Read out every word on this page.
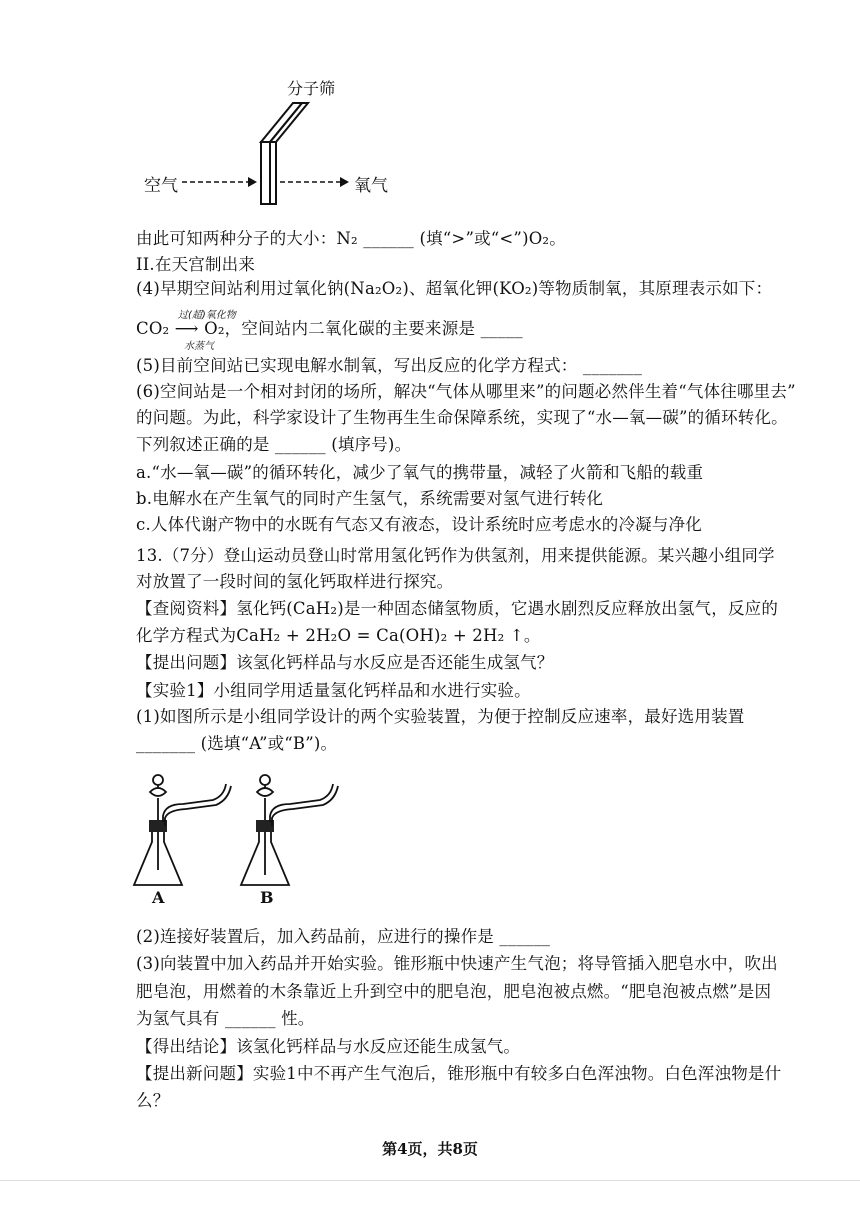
分子筛
空气	氧气
由此可知两种分子的大小：N₂ ______ (填“>”或“<”)O₂。
II.在天宫制出来
(4)早期空间站利用过氧化钠(Na₂O₂)、超氧化钾(KO₂)等物质制氧，其原理表示如下：
CO₂ ⟶ O₂，空间站内二氧化碳的主要来源是 _____
过(超)氧化物
水蒸气
(5)目前空间站已实现电解水制氧，写出反应的化学方程式： _______
(6)空间站是一个相对封闭的场所，解决“气体从哪里来”的问题必然伴生着“气体往哪里去”
的问题。为此，科学家设计了生物再生生命保障系统，实现了“水—氧—碳”的循环转化。
下列叙述正确的是 ______ (填序号)。
a.“水—氧—碳”的循环转化，减少了氧气的携带量，减轻了火箭和飞船的载重
b.电解水在产生氧气的同时产生氢气，系统需要对氢气进行转化
c.人体代谢产物中的水既有气态又有液态，设计系统时应考虑水的冷凝与净化
13.（7分）登山运动员登山时常用氢化钙作为供氢剂，用来提供能源。某兴趣小组同学
对放置了一段时间的氢化钙取样进行探究。
【查阅资料】氢化钙(CaH₂)是一种固态储氢物质，它遇水剧烈反应释放出氢气，反应的
化学方程式为CaH₂ + 2H₂O = Ca(OH)₂ + 2H₂ ↑。
【提出问题】该氢化钙样品与水反应是否还能生成氢气？
【实验1】小组同学用适量氢化钙样品和水进行实验。
(1)如图所示是小组同学设计的两个实验装置，为便于控制反应速率，最好选用装置
_______ (选填“A”或“B”)。
A	B
(2)连接好装置后，加入药品前，应进行的操作是 ______
(3)向装置中加入药品并开始实验。锥形瓶中快速产生气泡；将导管插入肥皂水中，吹出
肥皂泡，用燃着的木条靠近上升到空中的肥皂泡，肥皂泡被点燃。“肥皂泡被点燃”是因
为氢气具有 ______ 性。
【得出结论】该氢化钙样品与水反应还能生成氢气。
【提出新问题】实验1中不再产生气泡后，锥形瓶中有较多白色浑浊物。白色浑浊物是什
么？
第4页，共8页
